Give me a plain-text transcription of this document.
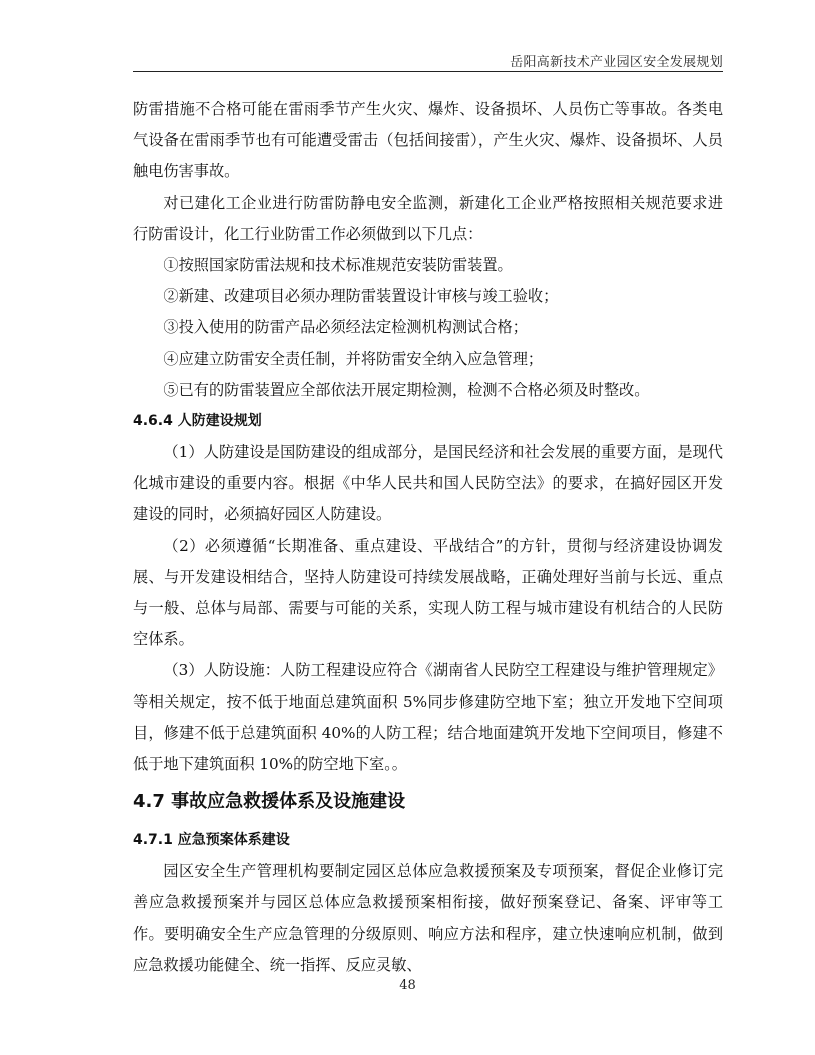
岳阳高新技术产业园区安全发展规划

防雷措施不合格可能在雷雨季节产生火灾、爆炸、设备损坏、人员伤亡等事故。各类电气设备在雷雨季节也有可能遭受雷击（包括间接雷），产生火灾、爆炸、设备损坏、人员触电伤害事故。

对已建化工企业进行防雷防静电安全监测，新建化工企业严格按照相关规范要求进行防雷设计，化工行业防雷工作必须做到以下几点：

①按照国家防雷法规和技术标准规范安装防雷装置。

②新建、改建项目必须办理防雷装置设计审核与竣工验收；

③投入使用的防雷产品必须经法定检测机构测试合格；

④应建立防雷安全责任制，并将防雷安全纳入应急管理；

⑤已有的防雷装置应全部依法开展定期检测，检测不合格必须及时整改。

4.6.4 人防建设规划

（1）人防建设是国防建设的组成部分，是国民经济和社会发展的重要方面，是现代化城市建设的重要内容。根据《中华人民共和国人民防空法》的要求，在搞好园区开发建设的同时，必须搞好园区人防建设。

（2）必须遵循“长期准备、重点建设、平战结合”的方针，贯彻与经济建设协调发展、与开发建设相结合，坚持人防建设可持续发展战略，正确处理好当前与长远、重点与一般、总体与局部、需要与可能的关系，实现人防工程与城市建设有机结合的人民防空体系。

（3）人防设施：人防工程建设应符合《湖南省人民防空工程建设与维护管理规定》等相关规定，按不低于地面总建筑面积 5%同步修建防空地下室；独立开发地下空间项目，修建不低于总建筑面积 40%的人防工程；结合地面建筑开发地下空间项目，修建不低于地下建筑面积 10%的防空地下室。。

4.7 事故应急救援体系及设施建设
4.7.1 应急预案体系建设

园区安全生产管理机构要制定园区总体应急救援预案及专项预案，督促企业修订完善应急救援预案并与园区总体应急救援预案相衔接，做好预案登记、备案、评审等工作。要明确安全生产应急管理的分级原则、响应方法和程序，建立快速响应机制，做到应急救援功能健全、统一指挥、反应灵敏、

48
